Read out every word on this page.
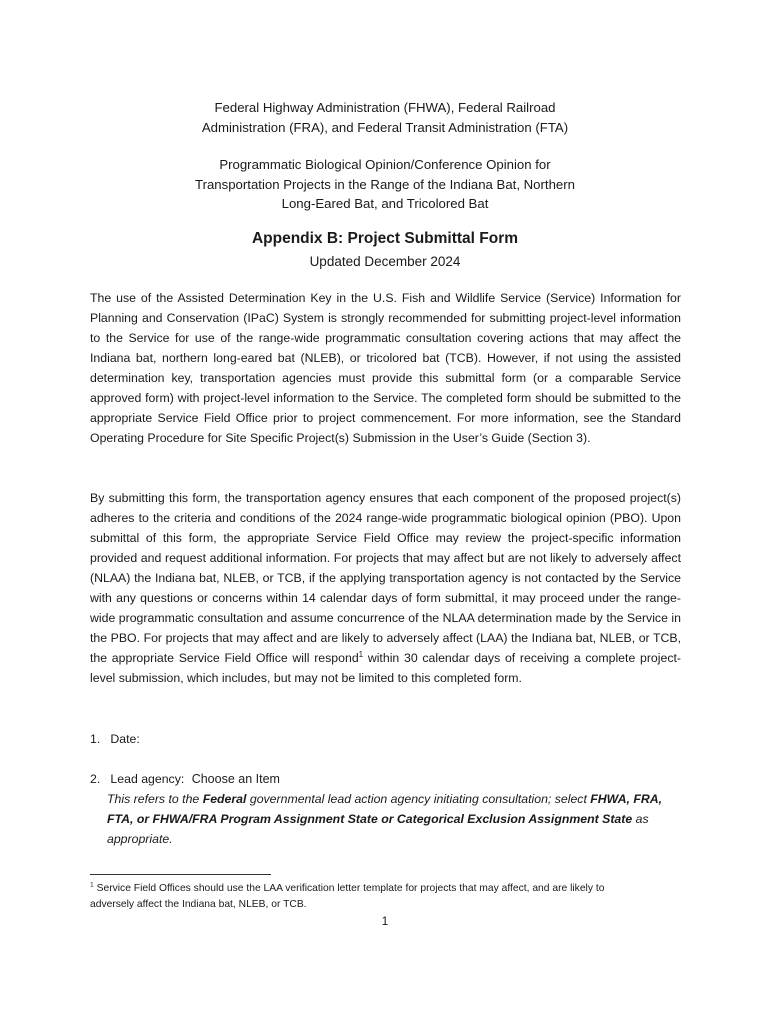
Federal Highway Administration (FHWA), Federal Railroad
Administration (FRA), and Federal Transit Administration (FTA)
Programmatic Biological Opinion/Conference Opinion for
Transportation Projects in the Range of the Indiana Bat, Northern
Long-Eared Bat, and Tricolored Bat
Appendix B: Project Submittal Form
Updated December 2024
The use of the Assisted Determination Key in the U.S. Fish and Wildlife Service (Service) Information for Planning and Conservation (IPaC) System is strongly recommended for submitting project-level information to the Service for use of the range-wide programmatic consultation covering actions that may affect the Indiana bat, northern long-eared bat (NLEB), or tricolored bat (TCB). However, if not using the assisted determination key, transportation agencies must provide this submittal form (or a comparable Service approved form) with project-level information to the Service. The completed form should be submitted to the appropriate Service Field Office prior to project commencement. For more information, see the Standard Operating Procedure for Site Specific Project(s) Submission in the User’s Guide (Section 3).
By submitting this form, the transportation agency ensures that each component of the proposed project(s) adheres to the criteria and conditions of the 2024 range-wide programmatic biological opinion (PBO). Upon submittal of this form, the appropriate Service Field Office may review the project-specific information provided and request additional information. For projects that may affect but are not likely to adversely affect (NLAA) the Indiana bat, NLEB, or TCB, if the applying transportation agency is not contacted by the Service with any questions or concerns within 14 calendar days of form submittal, it may proceed under the range-wide programmatic consultation and assume concurrence of the NLAA determination made by the Service in the PBO. For projects that may affect and are likely to adversely affect (LAA) the Indiana bat, NLEB, or TCB, the appropriate Service Field Office will respond$^1$ within 30 calendar days of receiving a complete project-level submission, which includes, but may not be limited to this completed form.
1. Date:
2. Lead agency: Choose an Item
This refers to the Federal governmental lead action agency initiating consultation; select FHWA, FRA, FTA, or FHWA/FRA Program Assignment State or Categorical Exclusion Assignment State as appropriate.
$^1$ Service Field Offices should use the LAA verification letter template for projects that may affect, and are likely to adversely affect the Indiana bat, NLEB, or TCB.
1
